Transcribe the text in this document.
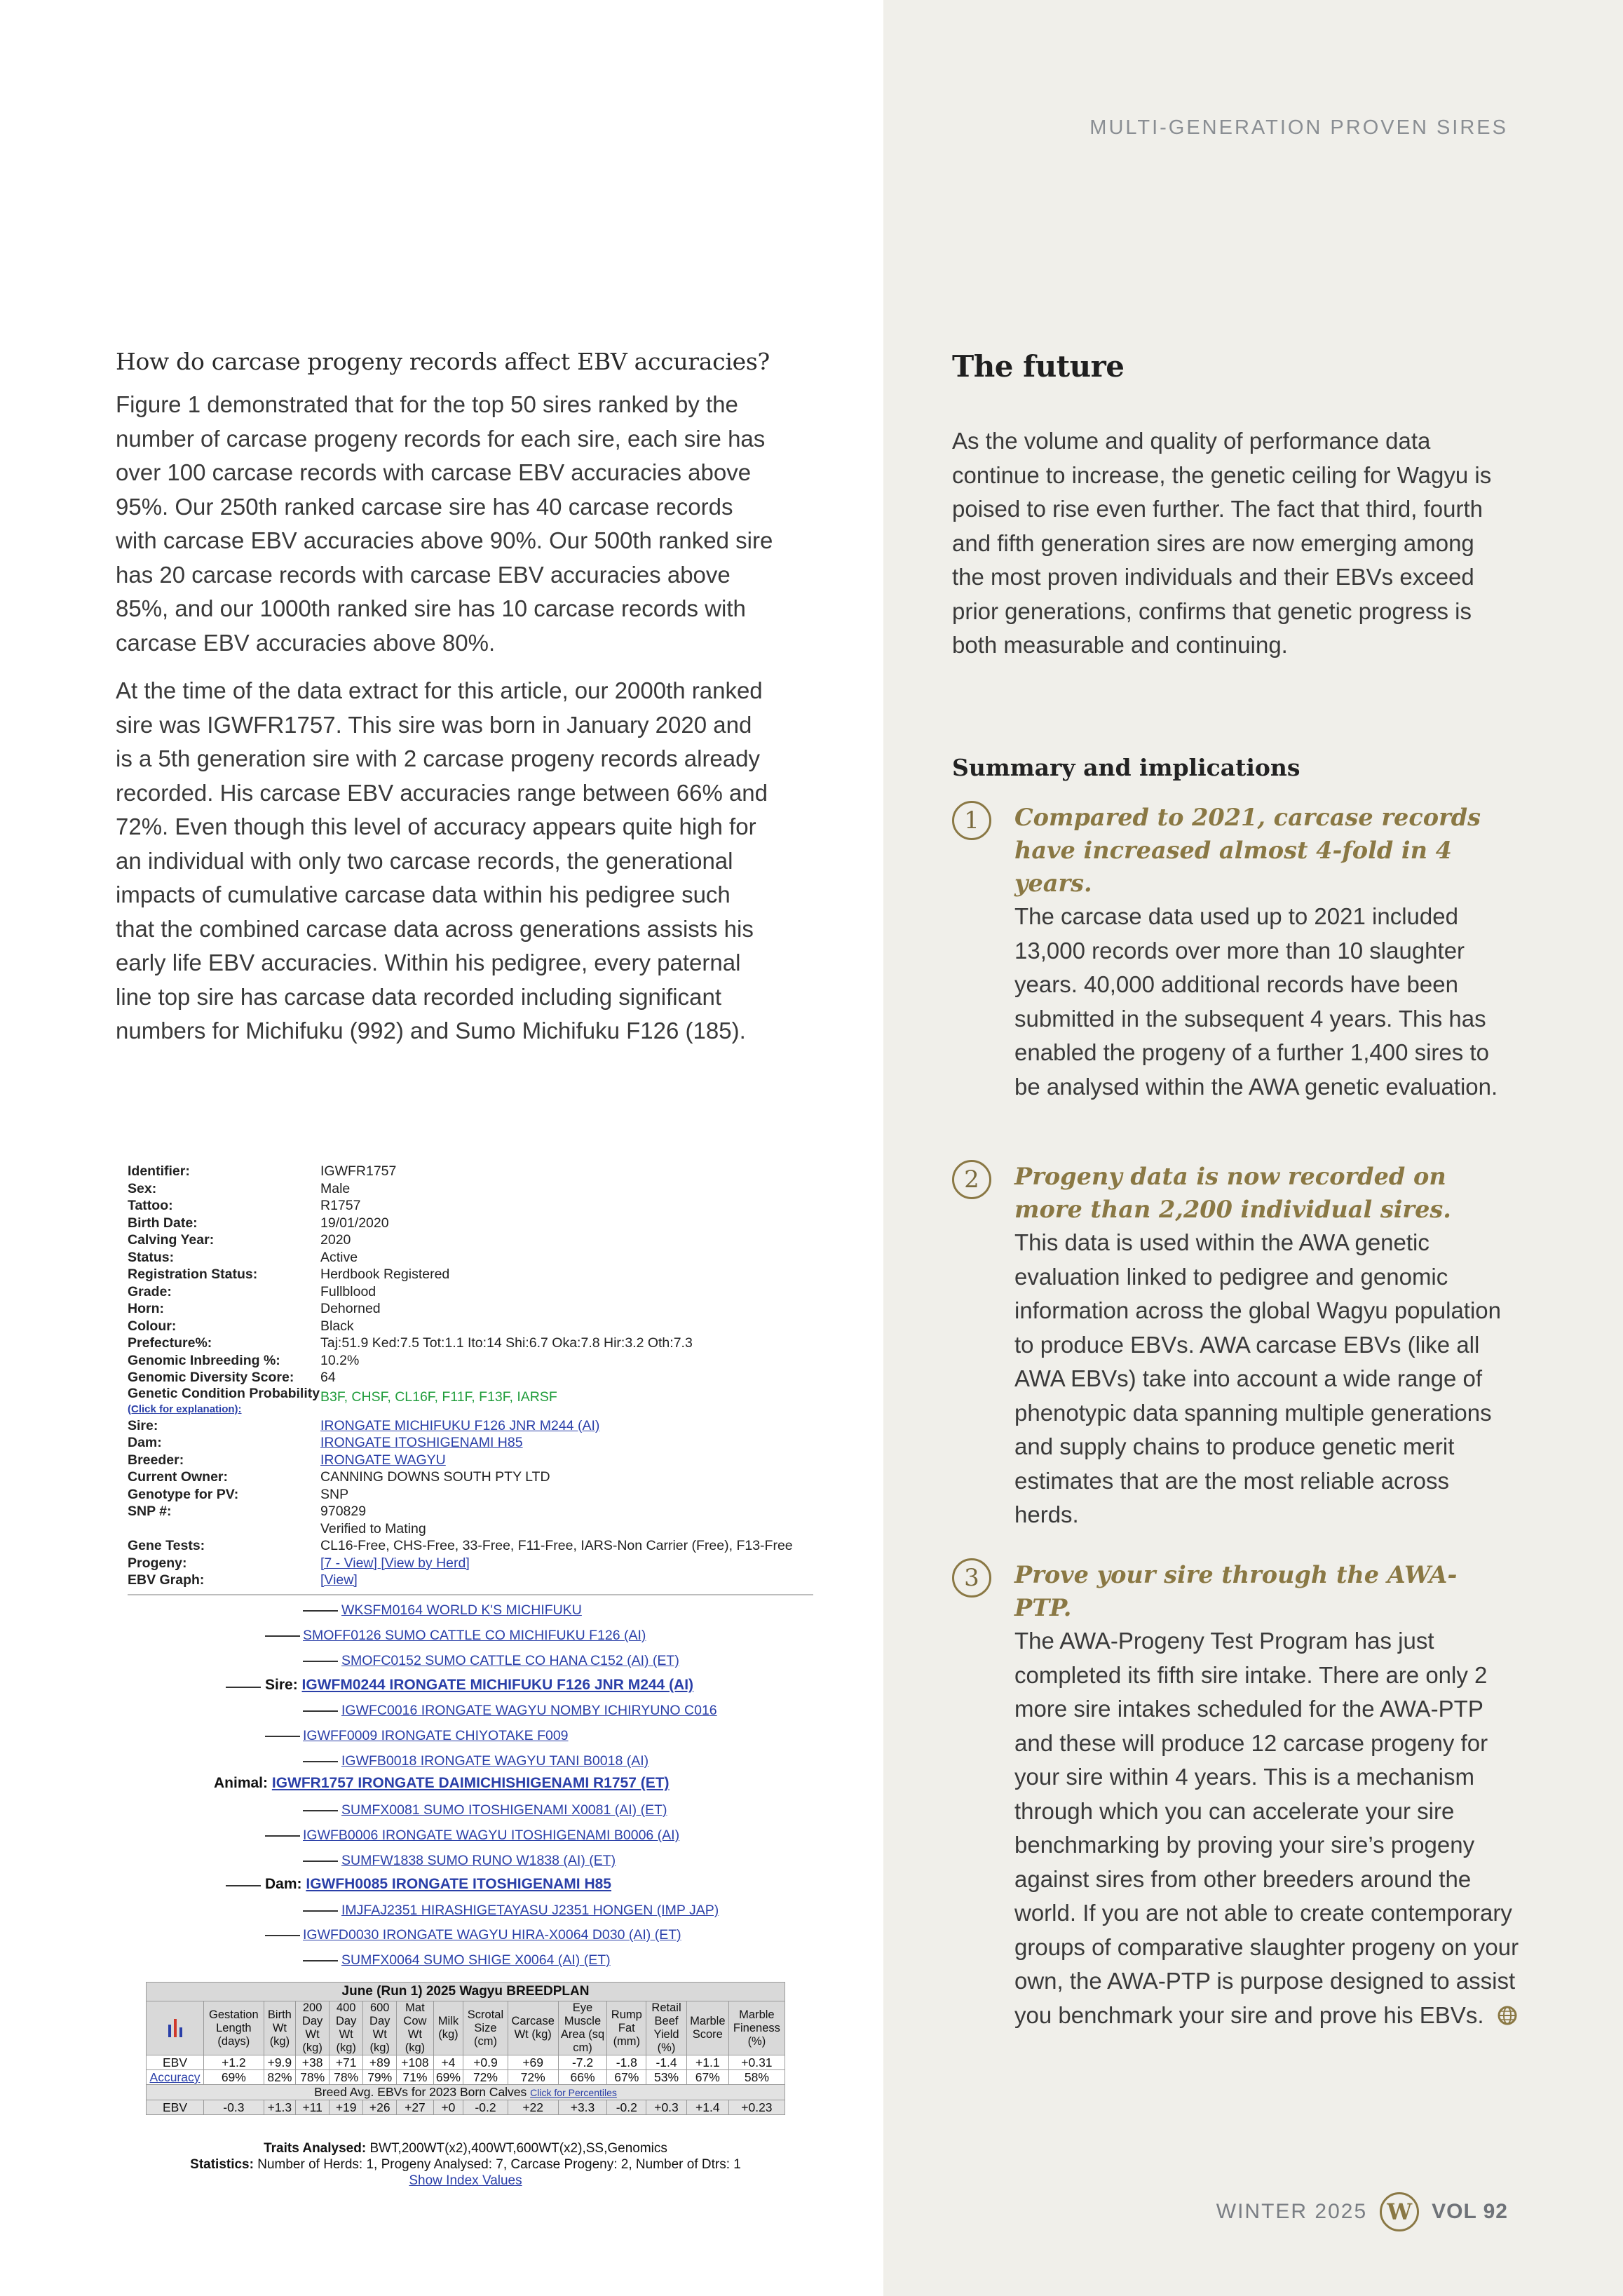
MULTI-GENERATION PROVEN SIRES
How do carcase progeny records affect EBV accuracies?

Figure 1 demonstrated that for the top 50 sires ranked by the number of carcase progeny records for each sire, each sire has over 100 carcase records with carcase EBV accuracies above 95%. Our 250th ranked carcase sire has 40 carcase records with carcase EBV accuracies above 90%. Our 500th ranked sire has 20 carcase records with carcase EBV accuracies above 85%, and our 1000th ranked sire has 10 carcase records with carcase EBV accuracies above 80%.

At the time of the data extract for this article, our 2000th ranked sire was IGWFR1757. This sire was born in January 2020 and is a 5th generation sire with 2 carcase progeny records already recorded. His carcase EBV accuracies range between 66% and 72%. Even though this level of accuracy appears quite high for an individual with only two carcase records, the generational impacts of cumulative carcase data within his pedigree such that the combined carcase data across generations assists his early life EBV accuracies. Within his pedigree, every paternal line top sire has carcase data recorded including significant numbers for Michifuku (992) and Sumo Michifuku F126 (185).

Identifier:	IGWFR1757
Sex:	Male
Tattoo:	R1757
Birth Date:	19/01/2020
Calving Year:	2020
Status:	Active
Registration Status:	Herdbook Registered
Grade:	Fullblood
Horn:	Dehorned
Colour:	Black
Prefecture%:	Taj:51.9 Ked:7.5 Tot:1.1 Ito:14 Shi:6.7 Oka:7.8 Hir:3.2 Oth:7.3
Genomic Inbreeding %:	10.2%
Genomic Diversity Score:	64
Genetic Condition Probability
(Click for explanation):
B3F, CHSF, CL16F, F11F, F13F, IARSF
Sire:	IRONGATE MICHIFUKU F126 JNR M244 (AI)
Dam:	IRONGATE ITOSHIGENAMI H85
Breeder:	IRONGATE WAGYU
Current Owner:	CANNING DOWNS SOUTH PTY LTD
Genotype for PV:	SNP
SNP #:	970829
Verified to Mating
Gene Tests:	CL16-Free, CHS-Free, 33-Free, F11-Free, IARS-Non Carrier (Free), F13-Free
Progeny:	[7 - View] [View by Herd]
EBV Graph:	[View]
WKSFM0164 WORLD K'S MICHIFUKU
SMOFF0126 SUMO CATTLE CO MICHIFUKU F126 (AI)
SMOFC0152 SUMO CATTLE CO HANA C152 (AI) (ET)
Sire: IGWFM0244 IRONGATE MICHIFUKU F126 JNR M244 (AI)
IGWFC0016 IRONGATE WAGYU NOMBY ICHIRYUNO C016
IGWFF0009 IRONGATE CHIYOTAKE F009
IGWFB0018 IRONGATE WAGYU TANI B0018 (AI)
Animal: IGWFR1757 IRONGATE DAIMICHISHIGENAMI R1757 (ET)
SUMFX0081 SUMO ITOSHIGENAMI X0081 (AI) (ET)
IGWFB0006 IRONGATE WAGYU ITOSHIGENAMI B0006 (AI)
SUMFW1838 SUMO RUNO W1838 (AI) (ET)
Dam: IGWFH0085 IRONGATE ITOSHIGENAMI H85
IMJFAJ2351 HIRASHIGETAYASU J2351 HONGEN (IMP JAP)
IGWFD0030 IRONGATE WAGYU HIRA-X0064 D030 (AI) (ET)
SUMFX0064 SUMO SHIGE X0064 (AI) (ET)
June (Run 1) 2025 Wagyu BREEDPLAN														
	Gestation Length (days)	Birth Wt (kg)	200 Day Wt (kg)	400 Day Wt (kg)	600 Day Wt (kg)	Mat Cow Wt (kg)	Milk (kg)	Scrotal Size (cm)	Carcase Wt (kg)	Eye Muscle Area (sq cm)	Rump Fat (mm)	Retail Beef Yield (%)	Marble Score	Marble Fineness (%)
EBV	+1.2	+9.9	+38	+71	+89	+108	+4	+0.9	+69	-7.2	-1.8	-1.4	+1.1	+0.31
Accuracy	69%	82%	78%	78%	79%	71%	69%	72%	72%	66%	67%	53%	67%	58%
Breed Avg. EBVs for 2023 Born Calves Click for Percentiles														
EBV	-0.3	+1.3	+11	+19	+26	+27	+0	-0.2	+22	+3.3	-0.2	+0.3	+1.4	+0.23
Traits Analysed: BWT,200WT(x2),400WT,600WT(x2),SS,Genomics
Statistics: Number of Herds: 1, Progeny Analysed: 7, Carcase Progeny: 2, Number of Dtrs: 1
Show Index Values
The future

As the volume and quality of performance data continue to increase, the genetic ceiling for Wagyu is poised to rise even further. The fact that third, fourth and fifth generation sires are now emerging among the most proven individuals and their EBVs exceed prior generations, confirms that genetic progress is both measurable and continuing.

Summary and implications
1	Compared to 2021, carcase records have increased almost 4-fold in 4 years.
The carcase data used up to 2021 included 13,000 records over more than 10 slaughter years. 40,000 additional records have been submitted in the subsequent 4 years. This has enabled the progeny of a further 1,400 sires to be analysed within the AWA genetic evaluation.
2	Progeny data is now recorded on more than 2,200 individual sires.
This data is used within the AWA genetic evaluation linked to pedigree and genomic information across the global Wagyu population to produce EBVs. AWA carcase EBVs (like all AWA EBVs) take into account a wide range of phenotypic data spanning multiple generations and supply chains to produce genetic merit estimates that are the most reliable across herds.
3	Prove your sire through the AWA-PTP.
The AWA-Progeny Test Program has just completed its fifth sire intake. There are only 2 more sire intakes scheduled for the AWA-PTP and these will produce 12 carcase progeny for your sire within 4 years. This is a mechanism through which you can accelerate your sire benchmarking by proving your sire’s progeny against sires from other breeders around the world. If you are not able to create contemporary groups of comparative slaughter progeny on your own, the AWA-PTP is purpose designed to assist you benchmark your sire and prove his EBVs.
WINTER 2025 W VOL 92
